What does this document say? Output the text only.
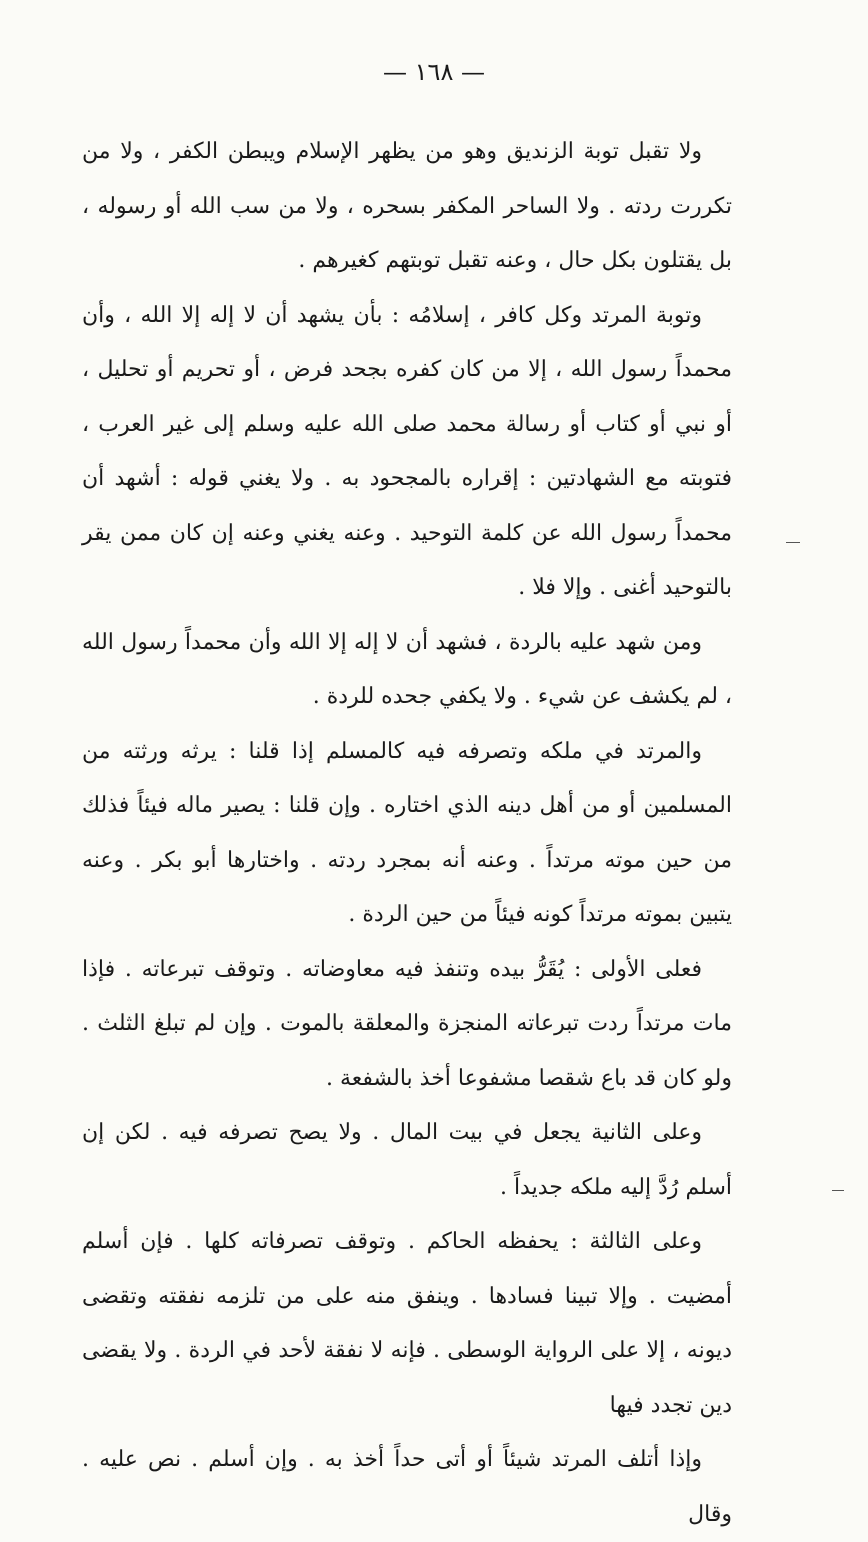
— ١٦٨ —

ولا تقبل توبة الزنديق وهو من يظهر الإسلام ويبطن الكفر ، ولا من تكررت ردته . ولا الساحر المكفر بسحره ، ولا من سب الله أو رسوله ، بل يقتلون بكل حال ، وعنه تقبل توبتهم كغيرهم .

وتوبة المرتد وكل كافر ، إسلامُه : بأن يشهد أن لا إله إلا الله ، وأن محمداً رسول الله ، إلا من كان كفره بجحد فرض ، أو تحريم أو تحليل ، أو نبي أو كتاب أو رسالة محمد صلى الله عليه وسلم إلى غير العرب ، فتوبته مع الشهادتين : إقراره بالمجحود به . ولا يغني قوله : أشهد أن محمداً رسول الله عن كلمة التوحيد . وعنه يغني وعنه إن كان ممن يقر بالتوحيد أغنى . وإلا فلا .

ومن شهد عليه بالردة ، فشهد أن لا إله إلا الله وأن محمداً رسول الله ، لم يكشف عن شيء . ولا يكفي جحده للردة .

والمرتد في ملكه وتصرفه فيه كالمسلم إذا قلنا : يرثه ورثته من المسلمين أو من أهل دينه الذي اختاره . وإن قلنا : يصير ماله فيئاً فذلك من حين موته مرتداً . وعنه أنه بمجرد ردته . واختارها أبو بكر . وعنه يتبين بموته مرتداً كونه فيئاً من حين الردة .

فعلى الأولى : يُقَرُّ بيده وتنفذ فيه معاوضاته . وتوقف تبرعاته . فإذا مات مرتداً ردت تبرعاته المنجزة والمعلقة بالموت . وإن لم تبلغ الثلث . ولو كان قد باع شقصا مشفوعا أخذ بالشفعة .

وعلى الثانية يجعل في بيت المال . ولا يصح تصرفه فيه . لكن إن أسلم رُدَّ إليه ملكه جديداً .

وعلى الثالثة : يحفظه الحاكم . وتوقف تصرفاته كلها . فإن أسلم أمضيت . وإلا تبينا فسادها . وينفق منه على من تلزمه نفقته وتقضى ديونه ، إلا على الرواية الوسطى . فإنه لا نفقة لأحد في الردة . ولا يقضى دين تجدد فيها

وإذا أتلف المرتد شيئاً أو أتى حداً أخذ به . وإن أسلم . نص عليه . وقال
